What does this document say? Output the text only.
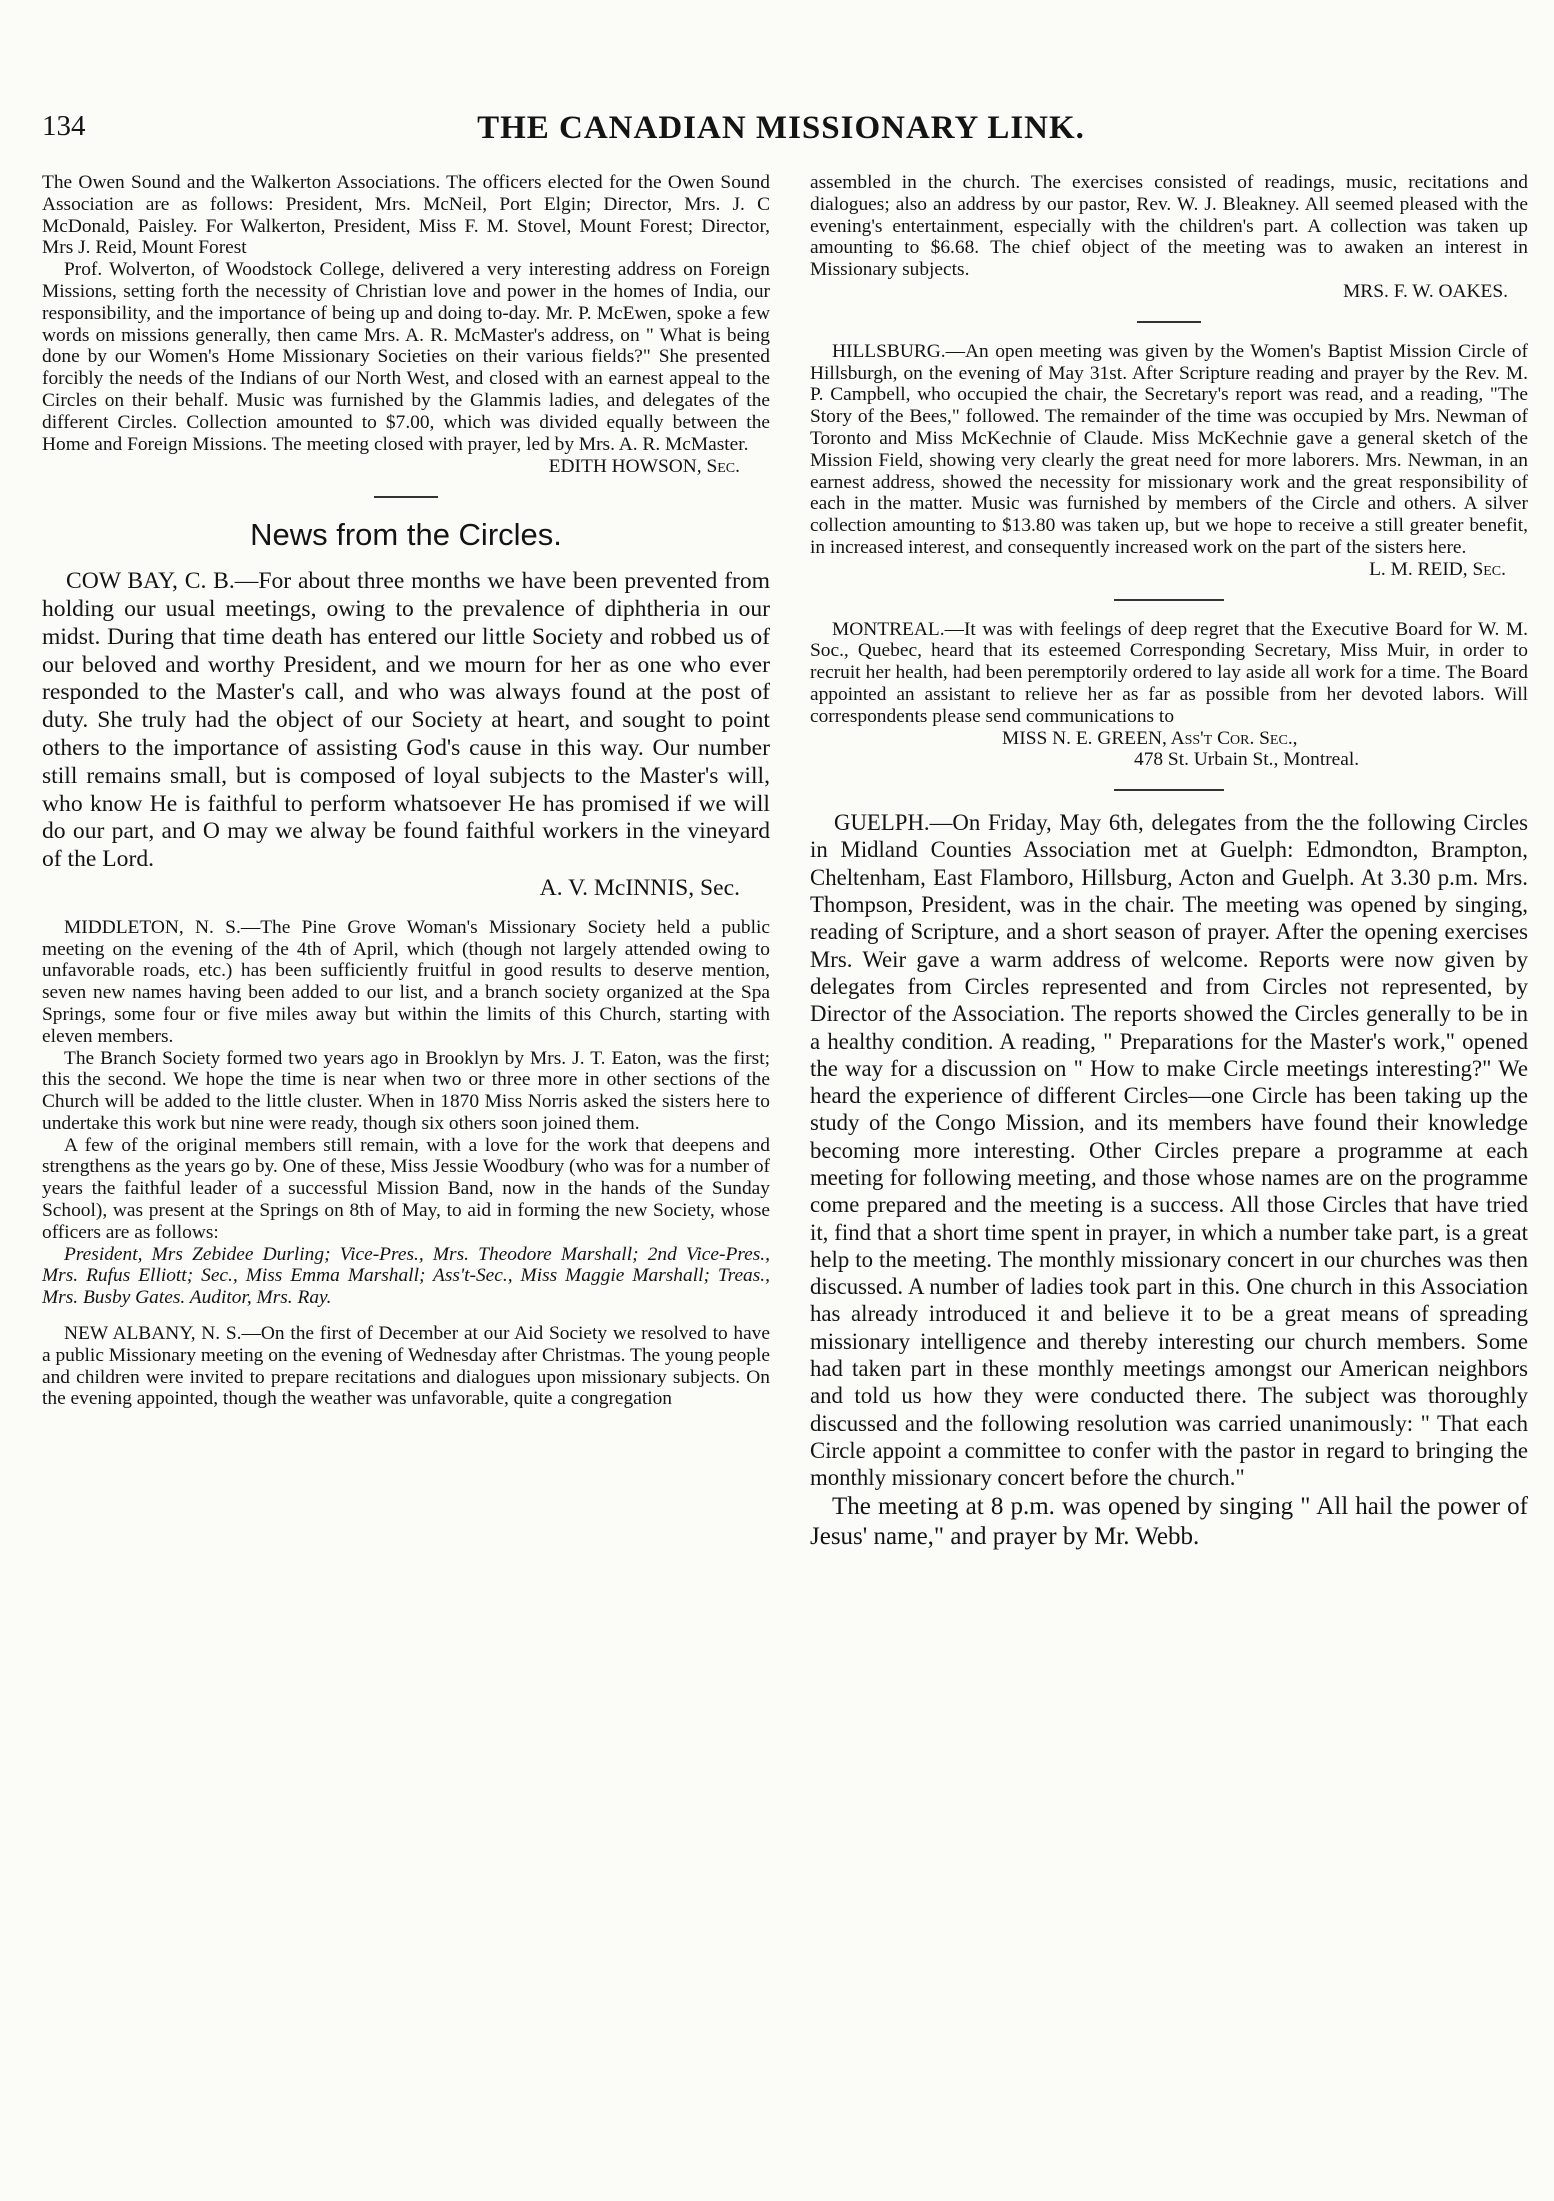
134	THE CANADIAN MISSIONARY LINK.

The Owen Sound and the Walkerton Associations. The officers elected for the Owen Sound Association are as follows: President, Mrs. McNeil, Port Elgin; Director, Mrs. J. C McDonald, Paisley. For Walkerton, President, Miss F. M. Stovel, Mount Forest; Director, Mrs J. Reid, Mount Forest

Prof. Wolverton, of Woodstock College, delivered a very interesting address on Foreign Missions, setting forth the necessity of Christian love and power in the homes of India, our responsibility, and the importance of being up and doing to-day. Mr. P. McEwen, spoke a few words on missions generally, then came Mrs. A. R. McMaster's address, on " What is being done by our Women's Home Missionary Societies on their various fields?" She presented forcibly the needs of the Indians of our North West, and closed with an earnest appeal to the Circles on their behalf. Music was furnished by the Glammis ladies, and delegates of the different Circles. Collection amounted to $7.00, which was divided equally between the Home and Foreign Missions. The meeting closed with prayer, led by Mrs. A. R. McMaster.

EDITH HOWSON, Sec.

News from the Circles.

COW BAY, C. B.—For about three months we have been prevented from holding our usual meetings, owing to the prevalence of diphtheria in our midst. During that time death has entered our little Society and robbed us of our beloved and worthy President, and we mourn for her as one who ever responded to the Master's call, and who was always found at the post of duty. She truly had the object of our Society at heart, and sought to point others to the importance of assisting God's cause in this way. Our number still remains small, but is composed of loyal subjects to the Master's will, who know He is faithful to perform whatsoever He has promised if we will do our part, and O may we alway be found faithful workers in the vineyard of the Lord.

A. V. McINNIS, Sec.

MIDDLETON, N. S.—The Pine Grove Woman's Missionary Society held a public meeting on the evening of the 4th of April, which (though not largely attended owing to unfavorable roads, etc.) has been sufficiently fruitful in good results to deserve mention, seven new names having been added to our list, and a branch society organized at the Spa Springs, some four or five miles away but within the limits of this Church, starting with eleven members.

The Branch Society formed two years ago in Brooklyn by Mrs. J. T. Eaton, was the first; this the second. We hope the time is near when two or three more in other sections of the Church will be added to the little cluster. When in 1870 Miss Norris asked the sisters here to undertake this work but nine were ready, though six others soon joined them.

A few of the original members still remain, with a love for the work that deepens and strengthens as the years go by. One of these, Miss Jessie Woodbury (who was for a number of years the faithful leader of a successful Mission Band, now in the hands of the Sunday School), was present at the Springs on 8th of May, to aid in forming the new Society, whose officers are as follows:

President, Mrs Zebidee Durling; Vice-Pres., Mrs. Theodore Marshall; 2nd Vice-Pres., Mrs. Rufus Elliott; Sec., Miss Emma Marshall; Ass't-Sec., Miss Maggie Marshall; Treas., Mrs. Busby Gates. Auditor, Mrs. Ray.

NEW ALBANY, N. S.—On the first of December at our Aid Society we resolved to have a public Missionary meeting on the evening of Wednesday after Christmas. The young people and children were invited to prepare recitations and dialogues upon missionary subjects. On the evening appointed, though the weather was unfavorable, quite a congregation

assembled in the church. The exercises consisted of readings, music, recitations and dialogues; also an address by our pastor, Rev. W. J. Bleakney. All seemed pleased with the evening's entertainment, especially with the children's part. A collection was taken up amounting to $6.68. The chief object of the meeting was to awaken an interest in Missionary subjects.

MRS. F. W. OAKES.

HILLSBURG.—An open meeting was given by the Women's Baptist Mission Circle of Hillsburgh, on the evening of May 31st. After Scripture reading and prayer by the Rev. M. P. Campbell, who occupied the chair, the Secretary's report was read, and a reading, "The Story of the Bees," followed. The remainder of the time was occupied by Mrs. Newman of Toronto and Miss McKechnie of Claude. Miss McKechnie gave a general sketch of the Mission Field, showing very clearly the great need for more laborers. Mrs. Newman, in an earnest address, showed the necessity for missionary work and the great responsibility of each in the matter. Music was furnished by members of the Circle and others. A silver collection amounting to $13.80 was taken up, but we hope to receive a still greater benefit, in increased interest, and consequently increased work on the part of the sisters here.

L. M. REID, Sec.

MONTREAL.—It was with feelings of deep regret that the Executive Board for W. M. Soc., Quebec, heard that its esteemed Corresponding Secretary, Miss Muir, in order to recruit her health, had been peremptorily ordered to lay aside all work for a time. The Board appointed an assistant to relieve her as far as possible from her devoted labors. Will correspondents please send communications to

MISS N. E. GREEN, Ass't Cor. Sec.,

478 St. Urbain St., Montreal.

GUELPH.—On Friday, May 6th, delegates from the the following Circles in Midland Counties Association met at Guelph: Edmondton, Brampton, Cheltenham, East Flamboro, Hillsburg, Acton and Guelph. At 3.30 p.m. Mrs. Thompson, President, was in the chair. The meeting was opened by singing, reading of Scripture, and a short season of prayer. After the opening exercises Mrs. Weir gave a warm address of welcome. Reports were now given by delegates from Circles represented and from Circles not represented, by Director of the Association. The reports showed the Circles generally to be in a healthy condition. A reading, " Preparations for the Master's work," opened the way for a discussion on " How to make Circle meetings interesting?" We heard the experience of different Circles—one Circle has been taking up the study of the Congo Mission, and its members have found their knowledge becoming more interesting. Other Circles prepare a programme at each meeting for following meeting, and those whose names are on the programme come prepared and the meeting is a success. All those Circles that have tried it, find that a short time spent in prayer, in which a number take part, is a great help to the meeting. The monthly missionary concert in our churches was then discussed. A number of ladies took part in this. One church in this Association has already introduced it and believe it to be a great means of spreading missionary intelligence and thereby interesting our church members. Some had taken part in these monthly meetings amongst our American neighbors and told us how they were conducted there. The subject was thoroughly discussed and the following resolution was carried unanimously: " That each Circle appoint a committee to confer with the pastor in regard to bringing the monthly missionary concert before the church."

The meeting at 8 p.m. was opened by singing " All hail the power of Jesus' name," and prayer by Mr. Webb.
